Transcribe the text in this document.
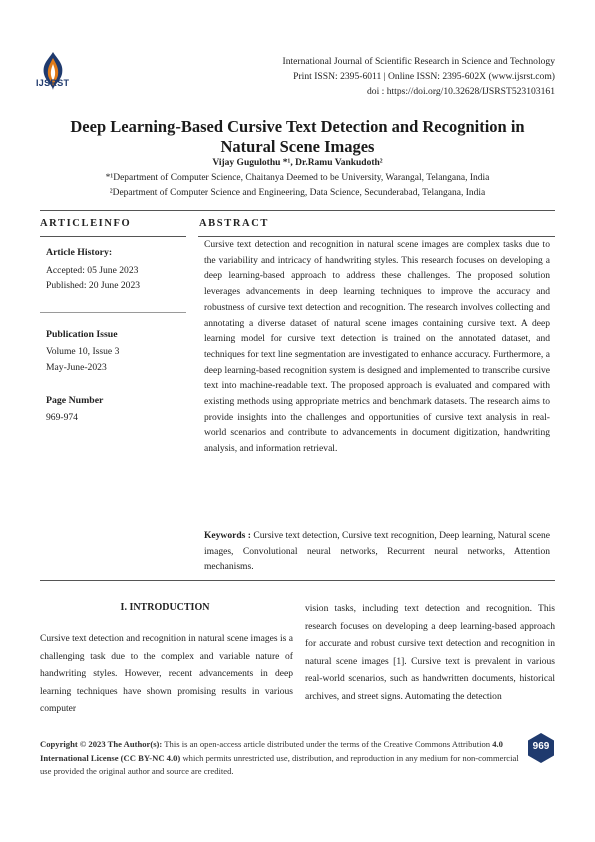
IJSRST
International Journal of Scientific Research in Science and Technology
Print ISSN: 2395-6011 | Online ISSN: 2395-602X (www.ijsrst.com)
doi : https://doi.org/10.32628/IJSRST523103161
Deep Learning-Based Cursive Text Detection and Recognition in
Natural Scene Images
Vijay Gugulothu *¹, Dr.Ramu Vankudoth²
*¹Department of Computer Science, Chaitanya Deemed to be University, Warangal, Telangana, India
²Department of Computer Science and Engineering, Data Science, Secunderabad, Telangana, India
ARTICLEINFO
Article History:
Accepted: 05 June 2023
Published: 20 June 2023
Publication Issue
Volume 10, Issue 3
May-June-2023
Page Number
969-974
ABSTRACT
Cursive text detection and recognition in natural scene images are complex tasks due to the variability and intricacy of handwriting styles. This research focuses on developing a deep learning-based approach to address these challenges. The proposed solution leverages advancements in deep learning techniques to improve the accuracy and robustness of cursive text detection and recognition. The research involves collecting and annotating a diverse dataset of natural scene images containing cursive text. A deep learning model for cursive text detection is trained on the annotated dataset, and techniques for text line segmentation are investigated to enhance accuracy. Furthermore, a deep learning-based recognition system is designed and implemented to transcribe cursive text into machine-readable text. The proposed approach is evaluated and compared with existing methods using appropriate metrics and benchmark datasets. The research aims to provide insights into the challenges and opportunities of cursive text analysis in real-world scenarios and contribute to advancements in document digitization, handwriting analysis, and information retrieval.
Keywords : Cursive text detection, Cursive text recognition, Deep learning, Natural scene images, Convolutional neural networks, Recurrent neural networks, Attention mechanisms.
I. INTRODUCTION
Cursive text detection and recognition in natural scene images is a challenging task due to the complex and variable nature of handwriting styles. However, recent advancements in deep learning techniques have shown promising results in various computer
vision tasks, including text detection and recognition. This research focuses on developing a deep learning-based approach for accurate and robust cursive text detection and recognition in natural scene images [1]. Cursive text is prevalent in various real-world scenarios, such as handwritten documents, historical archives, and street signs. Automating the detection
Copyright © 2023 The Author(s): This is an open-access article distributed under the terms of the Creative Commons Attribution 4.0 International License (CC BY-NC 4.0) which permits unrestricted use, distribution, and reproduction in any medium for non-commercial use provided the original author and source are credited.
969
